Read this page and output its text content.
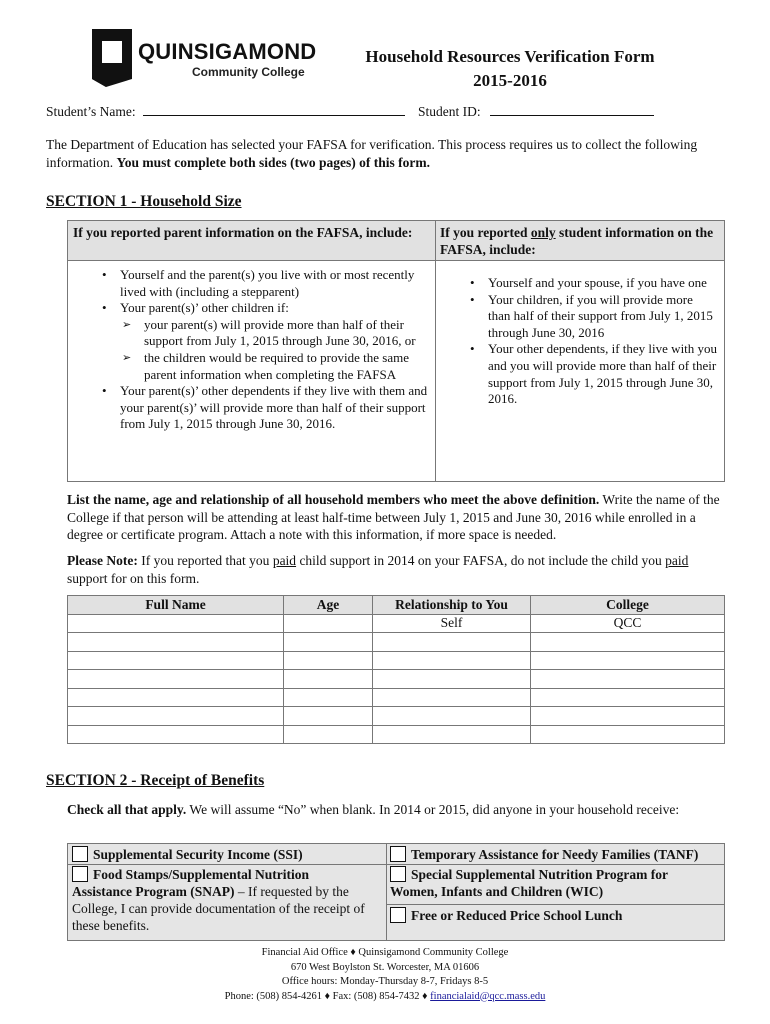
QUINSIGAMOND
Community College
Household Resources Verification Form
2015-2016
Student’s Name:	Student ID:
The Department of Education has selected your FAFSA for verification. This process requires us to collect the following information. You must complete both sides (two pages) of this form.
SECTION 1 - Household Size
If you reported parent information on the FAFSA, include:	If you reported only student information on the FAFSA, include:
• Yourself and the parent(s) you live with or most recently lived with (including a stepparent)
• Your parent(s)’ other children if:
➢ your parent(s) will provide more than half of their support from July 1, 2015 through June 30, 2016, or
➢ the children would be required to provide the same parent information when completing the FAFSA
• Your parent(s)’ other dependents if they live with them and your parent(s)’ will provide more than half of their support from July 1, 2015 through June 30, 2016.
• Yourself and your spouse, if you have one
• Your children, if you will provide more than half of their support from July 1, 2015 through June 30, 2016
• Your other dependents, if they live with you and you will provide more than half of their support from July 1, 2015 through June 30, 2016.
List the name, age and relationship of all household members who meet the above definition. Write the name of the College if that person will be attending at least half-time between July 1, 2015 and June 30, 2016 while enrolled in a degree or certificate program. Attach a note with this information, if more space is needed.
Please Note: If you reported that you paid child support in 2014 on your FAFSA, do not include the child you paid support for on this form.
Full Name	Age	Relationship to You	College
		Self	QCC

SECTION 2 - Receipt of Benefits
Check all that apply. We will assume “No” when blank. In 2014 or 2015, did anyone in your household receive:
Supplemental Security Income (SSI)
Food Stamps/Supplemental Nutrition
Assistance Program (SNAP) – If requested by the College, I can provide documentation of the receipt of these benefits.
Temporary Assistance for Needy Families (TANF)
Special Supplemental Nutrition Program for
Women, Infants and Children (WIC)
Free or Reduced Price School Lunch
Financial Aid Office ♦ Quinsigamond Community College
670 West Boylston St. Worcester, MA 01606
Office hours: Monday-Thursday 8-7, Fridays 8-5
Phone: (508) 854-4261 ♦ Fax: (508) 854-7432 ♦ financialaid@qcc.mass.edu
